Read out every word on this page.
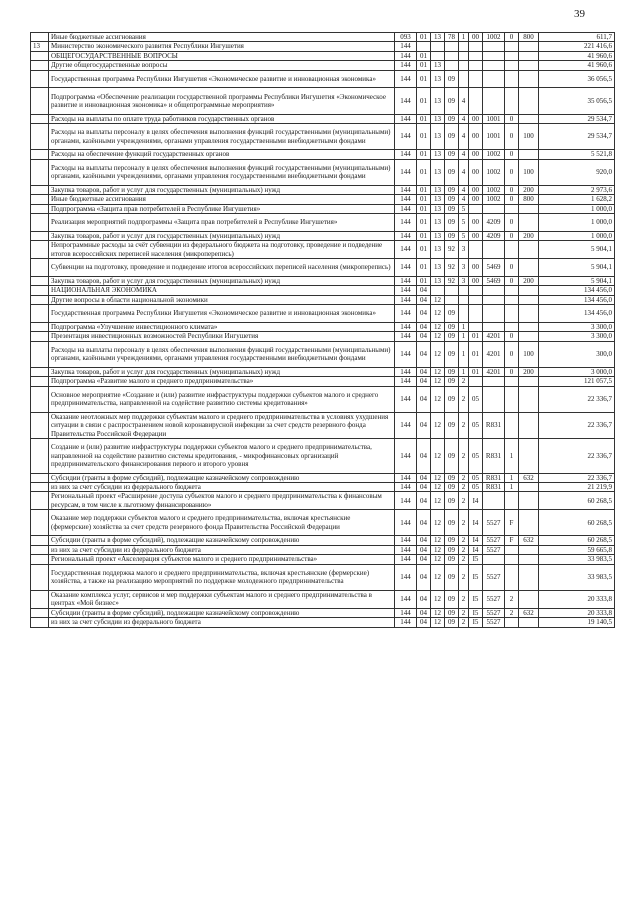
39
	Иные бюджетные ассигнования	093	01	13	78	1	00	1002	0	800	611,7
13	Министерство экономического развития Республики Ингушетия	144									221 416,6
	ОБЩЕГОСУДАРСТВЕННЫЕ ВОПРОСЫ	144	01								41 960,6
	Другие общегосударственные вопросы	144	01	13							41 960,6
	Государственная программа Республики Ингушетия «Экономическое развитие и инновационная экономика»	144	01	13	09						36 056,5
	Подпрограмма «Обеспечение реализации государственной программы Республики Ингушетия «Экономическое развитие и инновационная экономика» и общепрограммные мероприятия»	144	01	13	09	4					35 056,5
	Расходы на выплаты по оплате труда работников государственных органов	144	01	13	09	4	00	1001	0		29 534,7
	Расходы на выплаты персоналу в целях обеспечения выполнения функций государственными (муниципальными) органами, казёнными учреждениями, органами управления государственными внебюджетными фондами	144	01	13	09	4	00	1001	0	100	29 534,7
	Расходы на обеспечение функций государственных органов	144	01	13	09	4	00	1002	0		5 521,8
	Расходы на выплаты персоналу в целях обеспечения выполнения функций государственными (муниципальными) органами, казёнными учреждениями, органами управления государственными внебюджетными фондами	144	01	13	09	4	00	1002	0	100	920,0
	Закупка товаров, работ и услуг для государственных (муниципальных) нужд	144	01	13	09	4	00	1002	0	200	2 973,6
	Иные бюджетные ассигнования	144	01	13	09	4	00	1002	0	800	1 628,2
	Подпрограмма «Защита прав потребителей в Республике Ингушетия»	144	01	13	09	5					1 000,0
	Реализация мероприятий подпрограммы «Защита прав потребителей в Республике Ингушетия»	144	01	13	09	5	00	4209	0		1 000,0
	Закупка товаров, работ и услуг для государственных (муниципальных) нужд	144	01	13	09	5	00	4209	0	200	1 000,0
	Непрограммные расходы за счёт субвенции из федерального бюджета на подготовку, проведение и подведение итогов всероссийских переписей населения (микроперепись)	144	01	13	92	3					5 904,1
	Субвенции на подготовку, проведение и подведение итогов всероссийских переписей населения (микроперепись)	144	01	13	92	3	00	5469	0		5 904,1
	Закупка товаров, работ и услуг для государственных (муниципальных) нужд	144	01	13	92	3	00	5469	0	200	5 904,1
	НАЦИОНАЛЬНАЯ ЭКОНОМИКА	144	04								134 456,0
	Другие вопросы в области национальной экономики	144	04	12							134 456,0
	Государственная программа Республики Ингушетия «Экономическое развитие и инновационная экономика»	144	04	12	09						134 456,0
	Подпрограмма «Улучшение инвестиционного климата»	144	04	12	09	1					3 300,0
	Презентация инвестиционных возможностей Республики Ингушетия	144	04	12	09	1	01	4201	0		3 300,0
	Расходы на выплаты персоналу в целях обеспечения выполнения функций государственными (муниципальными) органами, казёнными учреждениями, органами управления государственными внебюджетными фондами	144	04	12	09	1	01	4201	0	100	300,0
	Закупка товаров, работ и услуг для государственных (муниципальных) нужд	144	04	12	09	1	01	4201	0	200	3 000,0
	Подпрограмма «Развитие малого и среднего предпринимательства»	144	04	12	09	2					121 057,5
	Основное мероприятие «Создание и (или) развитие инфраструктуры поддержки субъектов малого и среднего предпринимательства, направленной на содействие развитию системы кредитования»	144	04	12	09	2	05				22 336,7
	Оказание неотложных мер поддержки субъектам малого и среднего предпринимательства в условиях ухудшения ситуации в связи с распространением новой коронавирусной инфекции за счет средств резервного фонда Правительства Российской Федерации	144	04	12	09	2	05	R831			22 336,7
	Создание и (или) развитие инфраструктуры поддержки субъектов малого и среднего предпринимательства, направленной на содействие развитию системы кредитования, - микрофинансовых организаций предпринимательского финансирования первого и второго уровня	144	04	12	09	2	05	R831	1		22 336,7
	Субсидии (гранты в форме субсидий), подлежащие казначейскому сопровождению	144	04	12	09	2	05	R831	1	632	22 336,7
	из них за счет субсидии из федерального бюджета	144	04	12	09	2	05	R831	1		21 219,9
	Региональный проект «Расширение доступа субъектов малого и среднего предпринимательства к финансовым ресурсам, в том числе к льготному финансированию»	144	04	12	09	2	I4				60 268,5
	Оказание мер поддержки субъектов малого и среднего предпринимательства, включая крестьянские (фермерские) хозяйства за счет средств резервного фонда Правительства Российской Федерации	144	04	12	09	2	I4	5527	F		60 268,5
	Субсидии (гранты в форме субсидий), подлежащие казначейскому сопровождению	144	04	12	09	2	I4	5527	F	632	60 268,5
	из них за счет субсидии из федерального бюджета	144	04	12	09	2	I4	5527			59 665,8
	Региональный проект «Акселерация субъектов малого и среднего предпринимательства»	144	04	12	09	2	I5				33 983,5
	Государственная поддержка малого и среднего предпринимательства, включая крестьянские (фермерские) хозяйства, а также на реализацию мероприятий по поддержке молодежного предпринимательства	144	04	12	09	2	I5	5527			33 983,5
	Оказание комплекса услуг, сервисов и мер поддержки субъектам малого и среднего предпринимательства в центрах «Мой бизнес»	144	04	12	09	2	I5	5527	2		20 333,8
	Субсидии (гранты в форме субсидий), подлежащие казначейскому сопровождению	144	04	12	09	2	I5	5527	2	632	20 333,8
	из них за счет субсидии из федерального бюджета	144	04	12	09	2	I5	5527			19 140,5
